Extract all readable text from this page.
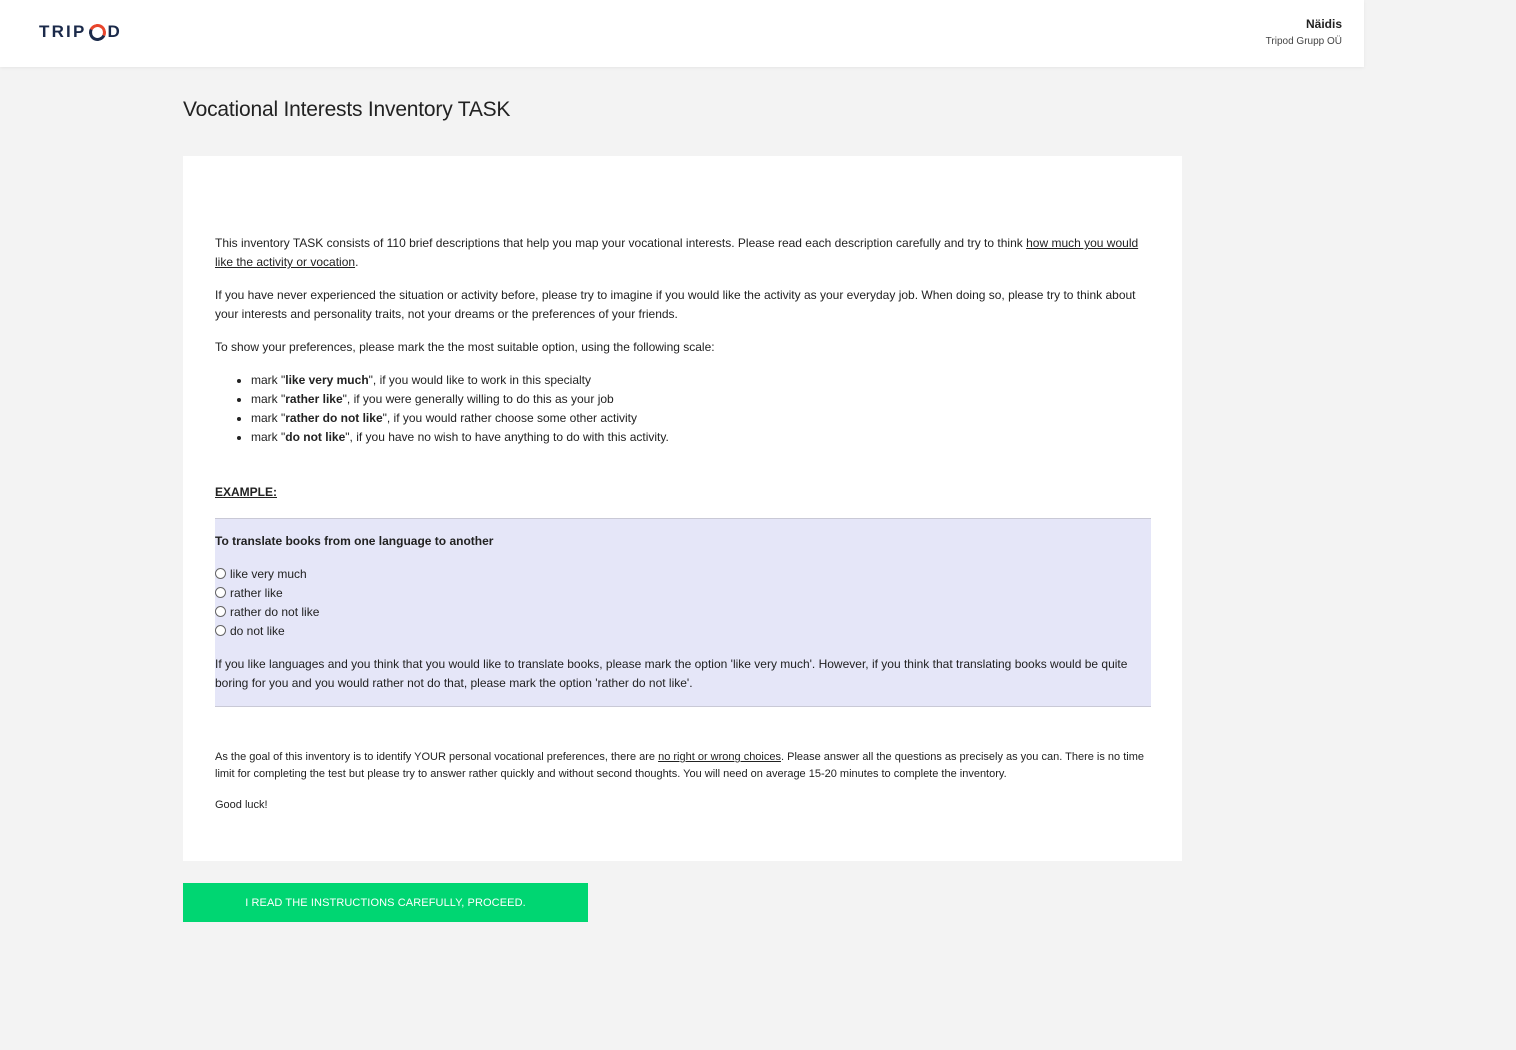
TRIP D	Näidis
Tripod Grupp OÜ
Vocational Interests Inventory TASK

This inventory TASK consists of 110 brief descriptions that help you map your vocational interests. Please read each description carefully and try to think how much you would like the activity or vocation.

If you have never experienced the situation or activity before, please try to imagine if you would like the activity as your everyday job. When doing so, please try to think about your interests and personality traits, not your dreams or the preferences of your friends.

To show your preferences, please mark the the most suitable option, using the following scale:

• mark "like very much", if you would like to work in this specialty
• mark "rather like", if you were generally willing to do this as your job
• mark "rather do not like", if you would rather choose some other activity
• mark "do not like", if you have no wish to have anything to do with this activity.

EXAMPLE:

To translate books from one language to another

like very much
rather like
rather do not like
do not like

If you like languages and you think that you would like to translate books, please mark the option 'like very much'. However, if you think that translating books would be quite boring for you and you would rather not do that, please mark the option 'rather do not like'.

As the goal of this inventory is to identify YOUR personal vocational preferences, there are no right or wrong choices. Please answer all the questions as precisely as you can. There is no time limit for completing the test but please try to answer rather quickly and without second thoughts. You will need on average 15-20 minutes to complete the inventory.

Good luck!

I READ THE INSTRUCTIONS CAREFULLY, PROCEED.
